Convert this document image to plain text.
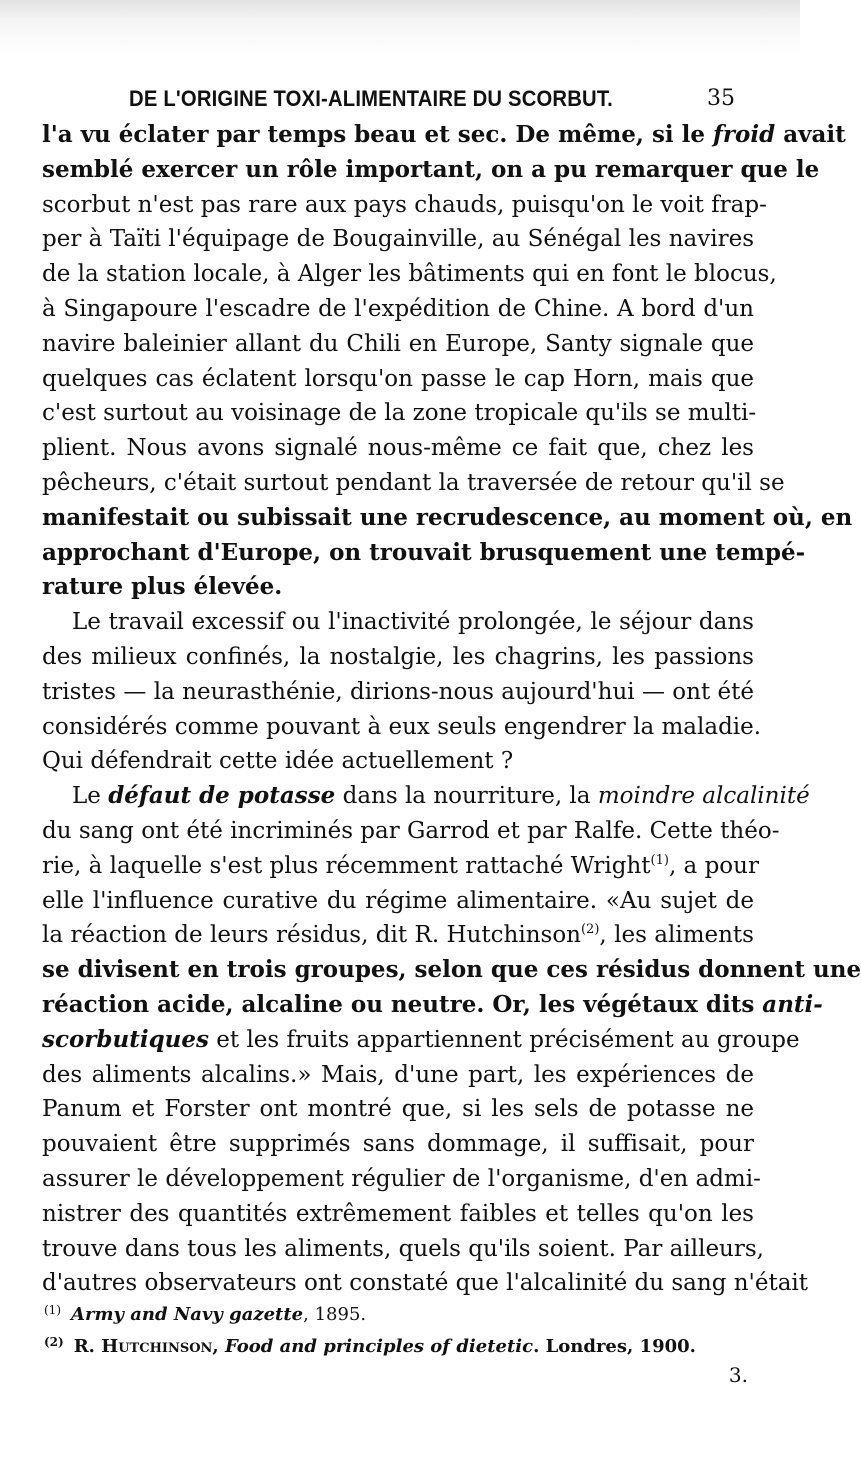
DE L'ORIGINE TOXI-ALIMENTAIRE DU SCORBUT.	35
l'a vu éclater par temps beau et sec. De même, si le froid avait
semblé exercer un rôle important, on a pu remarquer que le
scorbut n'est pas rare aux pays chauds, puisqu'on le voit frap-
per à Taïti l'équipage de Bougainville, au Sénégal les navires
de la station locale, à Alger les bâtiments qui en font le blocus,
à Singapoure l'escadre de l'expédition de Chine. A bord d'un
navire baleinier allant du Chili en Europe, Santy signale que
quelques cas éclatent lorsqu'on passe le cap Horn, mais que
c'est surtout au voisinage de la zone tropicale qu'ils se multi-
plient. Nous avons signalé nous-même ce fait que, chez les
pêcheurs, c'était surtout pendant la traversée de retour qu'il se
manifestait ou subissait une recrudescence, au moment où, en
approchant d'Europe, on trouvait brusquement une tempé-
rature plus élevée.
Le travail excessif ou l'inactivité prolongée, le séjour dans
des milieux confinés, la nostalgie, les chagrins, les passions
tristes — la neurasthénie, dirions-nous aujourd'hui — ont été
considérés comme pouvant à eux seuls engendrer la maladie.
Qui défendrait cette idée actuellement ?
Le défaut de potasse dans la nourriture, la moindre alcalinité
du sang ont été incriminés par Garrod et par Ralfe. Cette théo-
rie, à laquelle s'est plus récemment rattaché Wright$^{(1)}$, a pour
elle l'influence curative du régime alimentaire. «Au sujet de
la réaction de leurs résidus, dit R. Hutchinson$^{(2)}$, les aliments
se divisent en trois groupes, selon que ces résidus donnent une
réaction acide, alcaline ou neutre. Or, les végétaux dits anti-
scorbutiques et les fruits appartiennent précisément au groupe
des aliments alcalins.» Mais, d'une part, les expériences de
Panum et Forster ont montré que, si les sels de potasse ne
pouvaient être supprimés sans dommage, il suffisait, pour
assurer le développement régulier de l'organisme, d'en admi-
nistrer des quantités extrêmement faibles et telles qu'on les
trouve dans tous les aliments, quels qu'ils soient. Par ailleurs,
d'autres observateurs ont constaté que l'alcalinité du sang n'était
$^{(1)}$ Army and Navy gazette, 1895.
$^{(2)}$ R. Hutchinson, Food and principles of dietetic. Londres, 1900.
3.
